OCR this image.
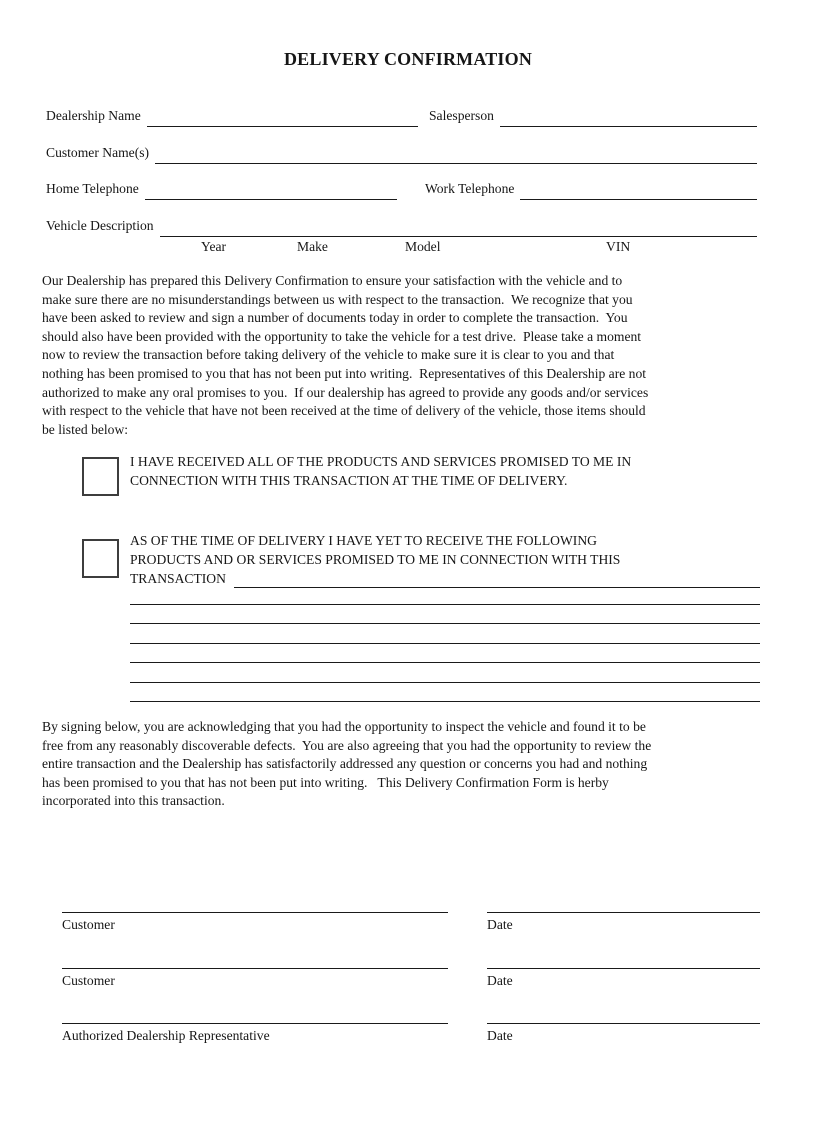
DELIVERY CONFIRMATION
Dealership Name	Salesperson
Customer Name(s)
Home Telephone	Work Telephone
Vehicle Description
Year	Make	Model	VIN
Our Dealership has prepared this Delivery Confirmation to ensure your satisfaction with the vehicle and to
make sure there are no misunderstandings between us with respect to the transaction.  We recognize that you
have been asked to review and sign a number of documents today in order to complete the transaction.  You
should also have been provided with the opportunity to take the vehicle for a test drive.  Please take a moment
now to review the transaction before taking delivery of the vehicle to make sure it is clear to you and that
nothing has been promised to you that has not been put into writing.  Representatives of this Dealership are not
authorized to make any oral promises to you.  If our dealership has agreed to provide any goods and/or services
with respect to the vehicle that have not been received at the time of delivery of the vehicle, those items should
be listed below:
I HAVE RECEIVED ALL OF THE PRODUCTS AND SERVICES PROMISED TO ME IN
CONNECTION WITH THIS TRANSACTION AT THE TIME OF DELIVERY.
AS OF THE TIME OF DELIVERY I HAVE YET TO RECEIVE THE FOLLOWING
PRODUCTS AND OR SERVICES PROMISED TO ME IN CONNECTION WITH THIS
TRANSACTION
By signing below, you are acknowledging that you had the opportunity to inspect the vehicle and found it to be
free from any reasonably discoverable defects.  You are also agreeing that you had the opportunity to review the
entire transaction and the Dealership has satisfactorily addressed any question or concerns you had and nothing
has been promised to you that has not been put into writing.   This Delivery Confirmation Form is herby
incorporated into this transaction.
Customer	Date
Customer	Date
Authorized Dealership Representative	Date
